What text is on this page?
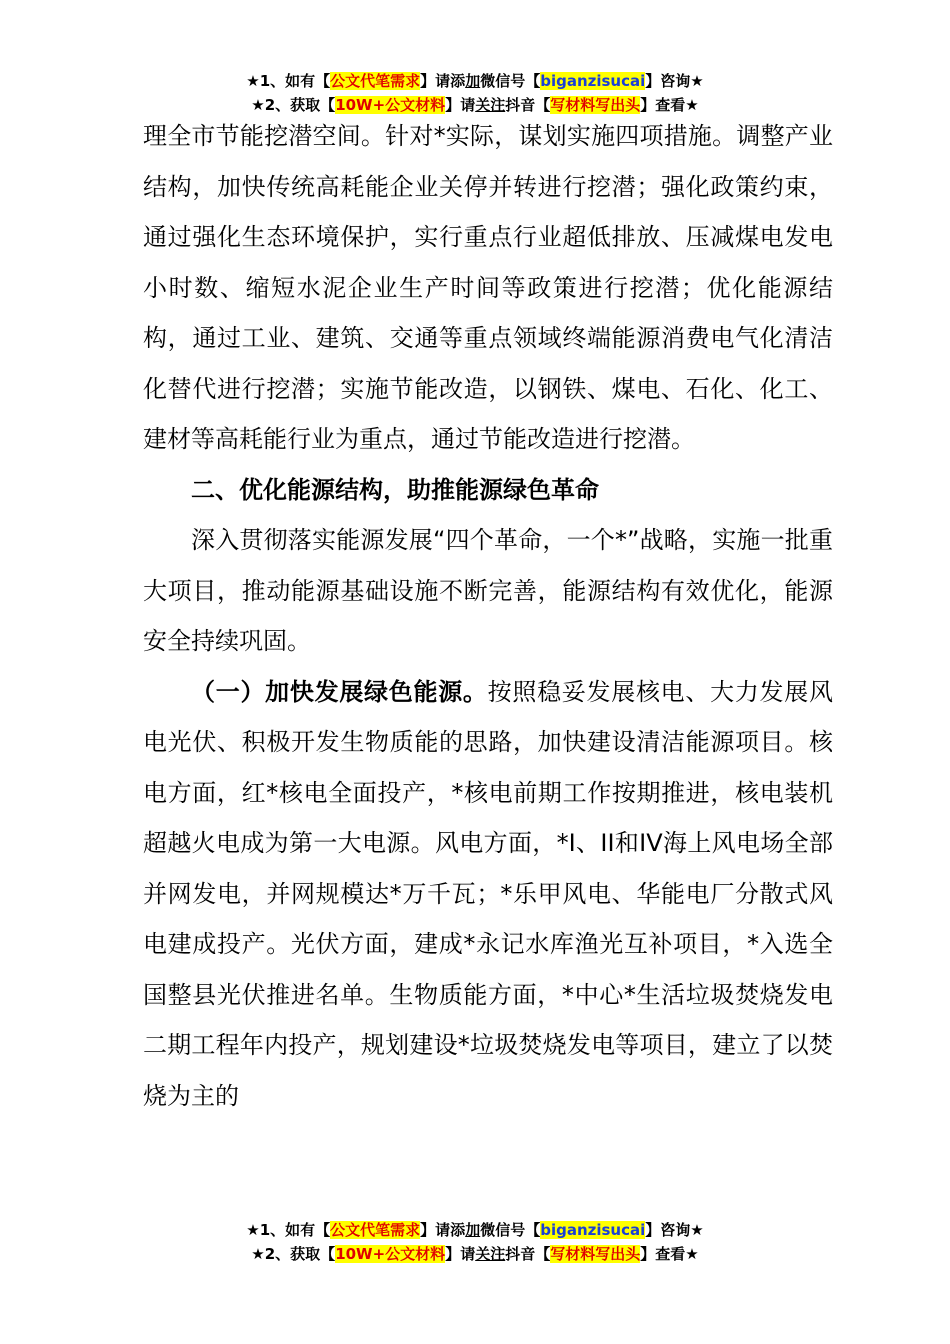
★1、如有【公文代笔需求】请添加微信号【biganzisucai】咨询★
★2、获取【10W+公文材料】请关注抖音【写材料写出头】查看★

理全市节能挖潜空间。针对*实际，谋划实施四项措施。调整产业结构，加快传统高耗能企业关停并转进行挖潜；强化政策约束，通过强化生态环境保护，实行重点行业超低排放、压减煤电发电小时数、缩短水泥企业生产时间等政策进行挖潜；优化能源结构，通过工业、建筑、交通等重点领域终端能源消费电气化清洁化替代进行挖潜；实施节能改造，以钢铁、煤电、石化、化工、建材等高耗能行业为重点，通过节能改造进行挖潜。

二、优化能源结构，助推能源绿色革命

深入贯彻落实能源发展“四个革命，一个*”战略，实施一批重大项目，推动能源基础设施不断完善，能源结构有效优化，能源安全持续巩固。

（一）加快发展绿色能源。按照稳妥发展核电、大力发展风电光伏、积极开发生物质能的思路，加快建设清洁能源项目。核电方面，红*核电全面投产，*核电前期工作按期推进，核电装机超越火电成为第一大电源。风电方面，*I、II和IV海上风电场全部并网发电，并网规模达*万千瓦；*乐甲风电、华能电厂分散式风电建成投产。光伏方面，建成*永记水库渔光互补项目，*入选全国整县光伏推进名单。生物质能方面，*中心*生活垃圾焚烧发电二期工程年内投产，规划建设*垃圾焚烧发电等项目，建立了以焚烧为主的

★1、如有【公文代笔需求】请添加微信号【biganzisucai】咨询★
★2、获取【10W+公文材料】请关注抖音【写材料写出头】查看★
